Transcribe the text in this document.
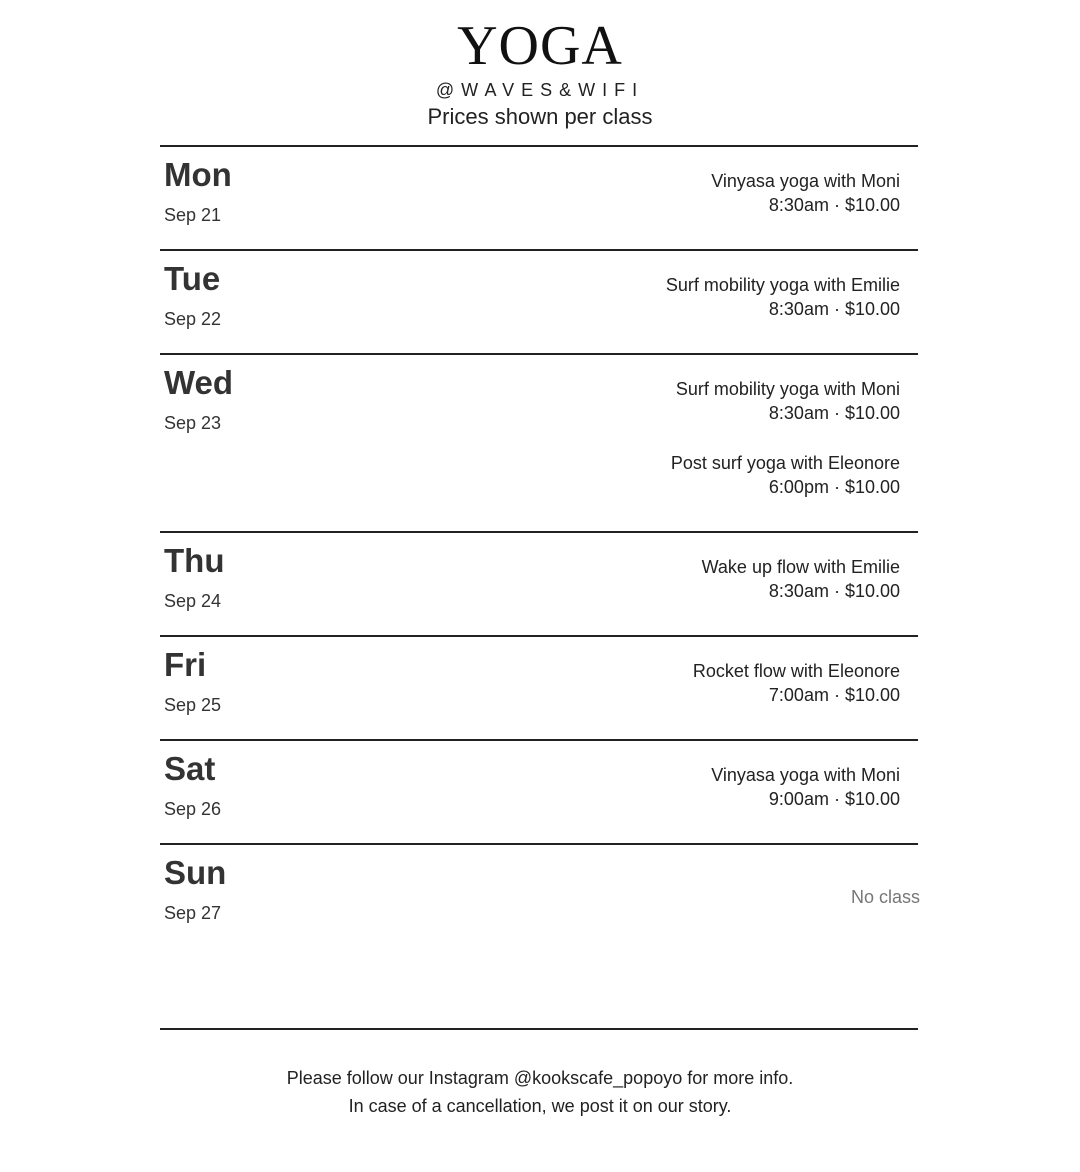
YOGA
@WAVES&WIFI
Prices shown per class
Mon
Sep 21
Vinyasa yoga with Moni
8:30am · $10.00
Tue
Sep 22
Surf mobility yoga with Emilie
8:30am · $10.00
Wed
Sep 23
Surf mobility yoga with Moni
8:30am · $10.00
Post surf yoga with Eleonore
6:00pm · $10.00
Thu
Sep 24
Wake up flow with Emilie
8:30am · $10.00
Fri
Sep 25
Rocket flow with Eleonore
7:00am · $10.00
Sat
Sep 26
Vinyasa yoga with Moni
9:00am · $10.00
Sun
Sep 27
No class
Please follow our Instagram @kookscafe_popoyo for more info.
In case of a cancellation, we post it on our story.
